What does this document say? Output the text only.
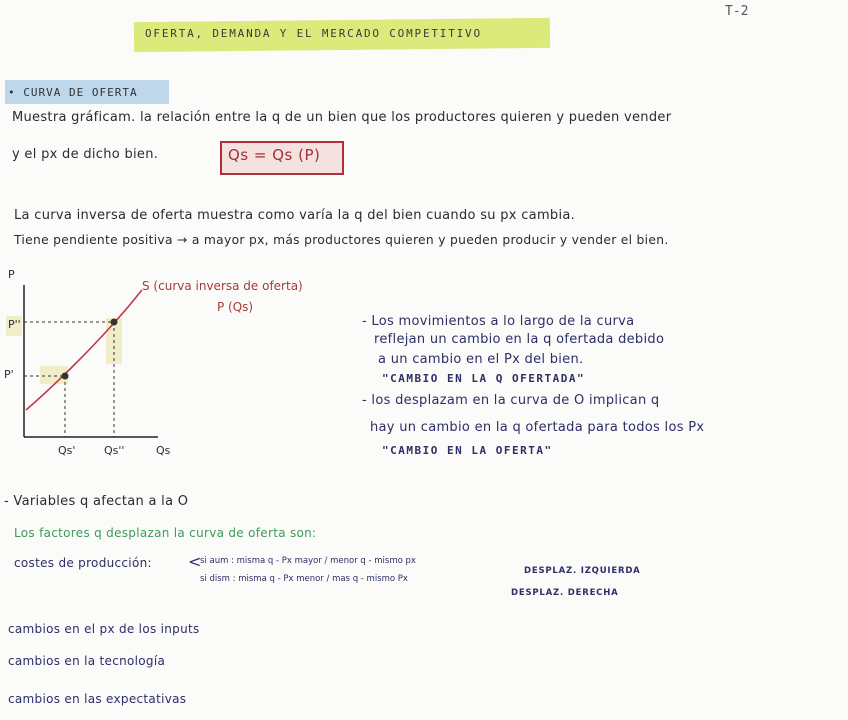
T-2
OFERTA, DEMANDA Y EL MERCADO COMPETITIVO
• CURVA DE OFERTA
Muestra gráficam. la relación entre la q de un bien que los productores quieren y pueden vender
y el px de dicho bien.	Qs = Qs (P)
La curva inversa de oferta muestra como varía la q del bien cuando su px cambia.
Tiene pendiente positiva → a mayor px, más productores quieren y pueden producir y vender el bien.
P
P''
P'
Qs'	Qs''	Qs
S (curva inversa de oferta)
P (Qs)
- Los movimientos a lo largo de la curva
reflejan un cambio en la q ofertada debido
a un cambio en el Px del bien.
"CAMBIO EN LA Q OFERTADA"
- los desplazam en la curva de O implican q
hay un cambio en la q ofertada para todos los Px
"CAMBIO EN LA OFERTA"
- Variables q afectan a la O
Los factores q desplazan la curva de oferta son:
costes de producción: <
si aum : misma q - Px mayor / menor q - mismo px
DESPLAZ. IZQUIERDA
si dism : misma q - Px menor / mas q - mismo Px
DESPLAZ. DERECHA
cambios en el px de los inputs
cambios en la tecnología
cambios en las expectativas
